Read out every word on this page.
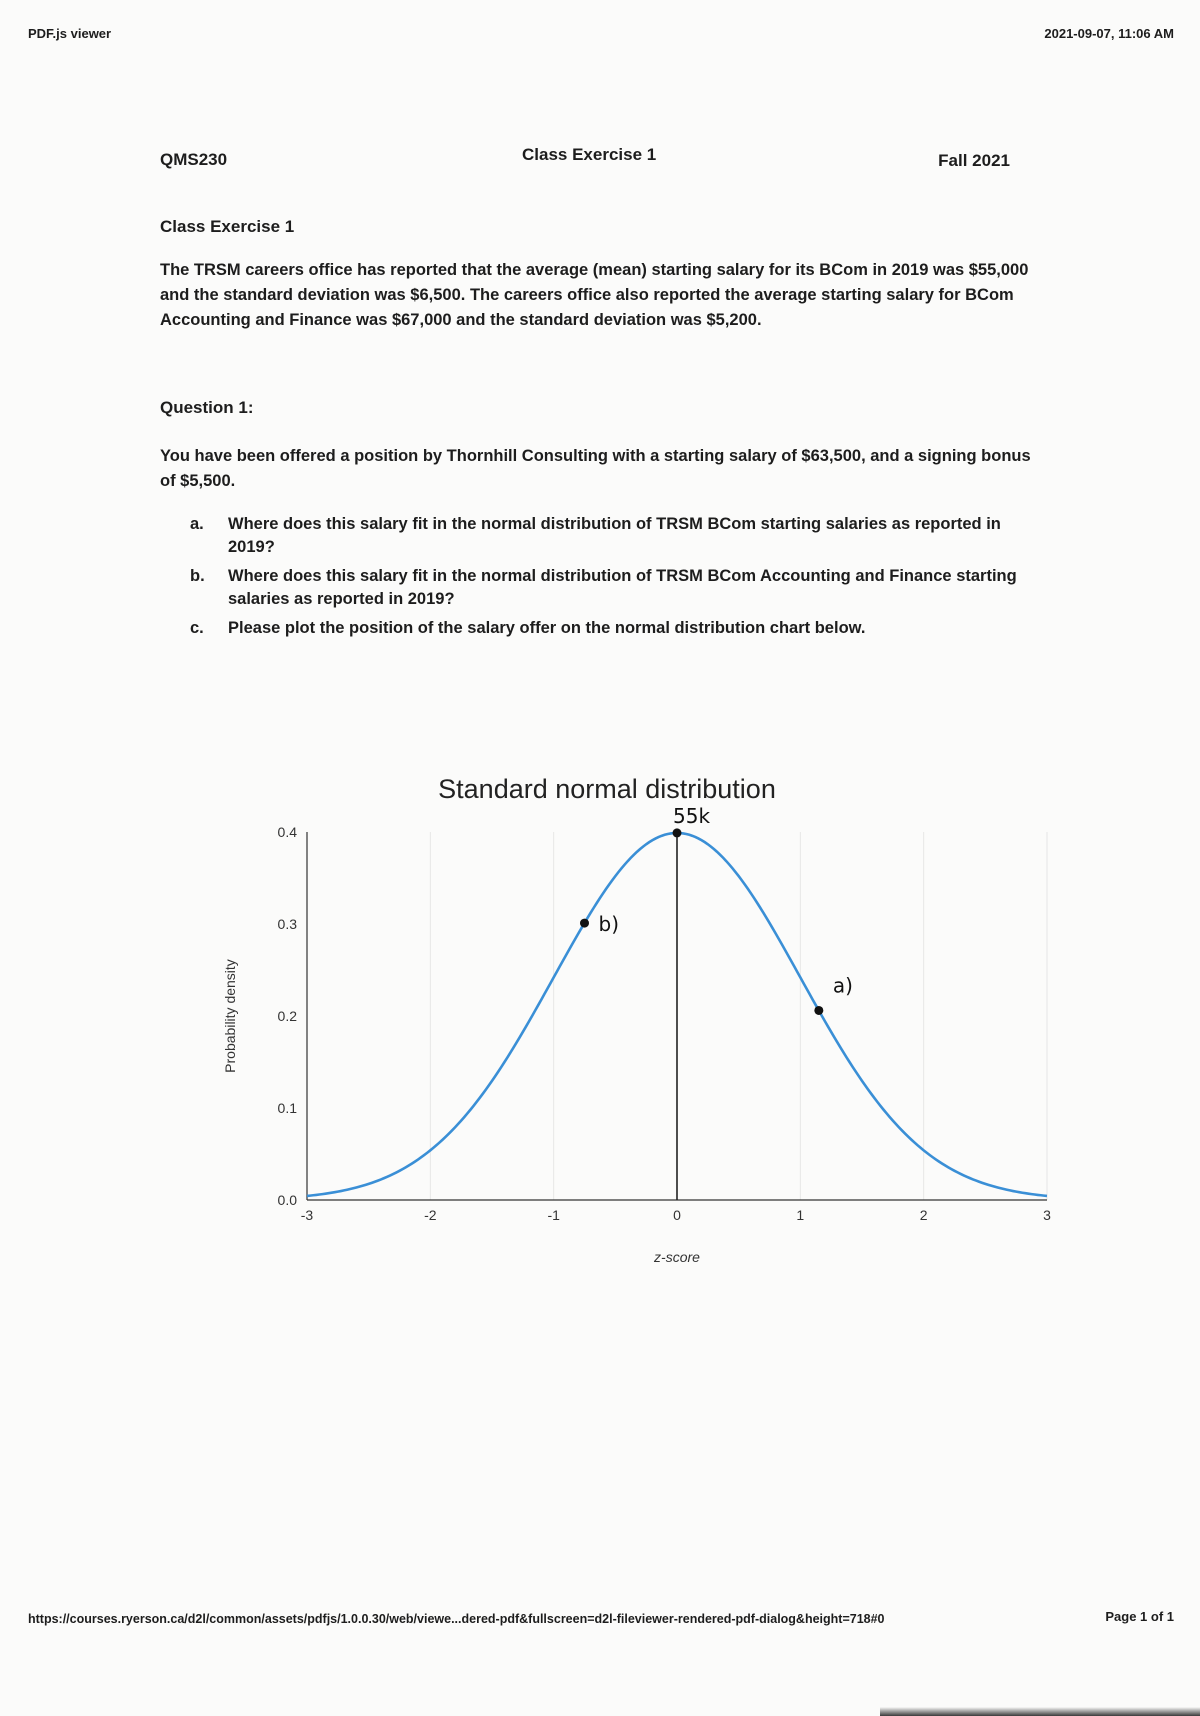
PDF.js viewer	2021-09-07, 11:06 AM
QMS230	Class Exercise 1	Fall 2021
Class Exercise 1
The TRSM careers office has reported that the average (mean) starting salary for its BCom in 2019 was $55,000 and the standard deviation was $6,500. The careers office also reported the average starting salary for BCom Accounting and Finance was $67,000 and the standard deviation was $5,200.
Question 1:
You have been offered a position by Thornhill Consulting with a starting salary of $63,500, and a signing bonus of $5,500.
a. Where does this salary fit in the normal distribution of TRSM BCom starting salaries as reported in 2019?
b. Where does this salary fit in the normal distribution of TRSM BCom Accounting and Finance starting salaries as reported in 2019?
c. Please plot the position of the salary offer on the normal distribution chart below.
Standard normal distribution
0.0
0.1
0.2
0.3
0.4
-3	-2	-1	0	1	2	3
z-score
Probability density
55k
b)
a)
https://courses.ryerson.ca/d2l/common/assets/pdfjs/1.0.0.30/web/viewe...dered-pdf&fullscreen=d2l-fileviewer-rendered-pdf-dialog&height=718#0	Page 1 of 1
